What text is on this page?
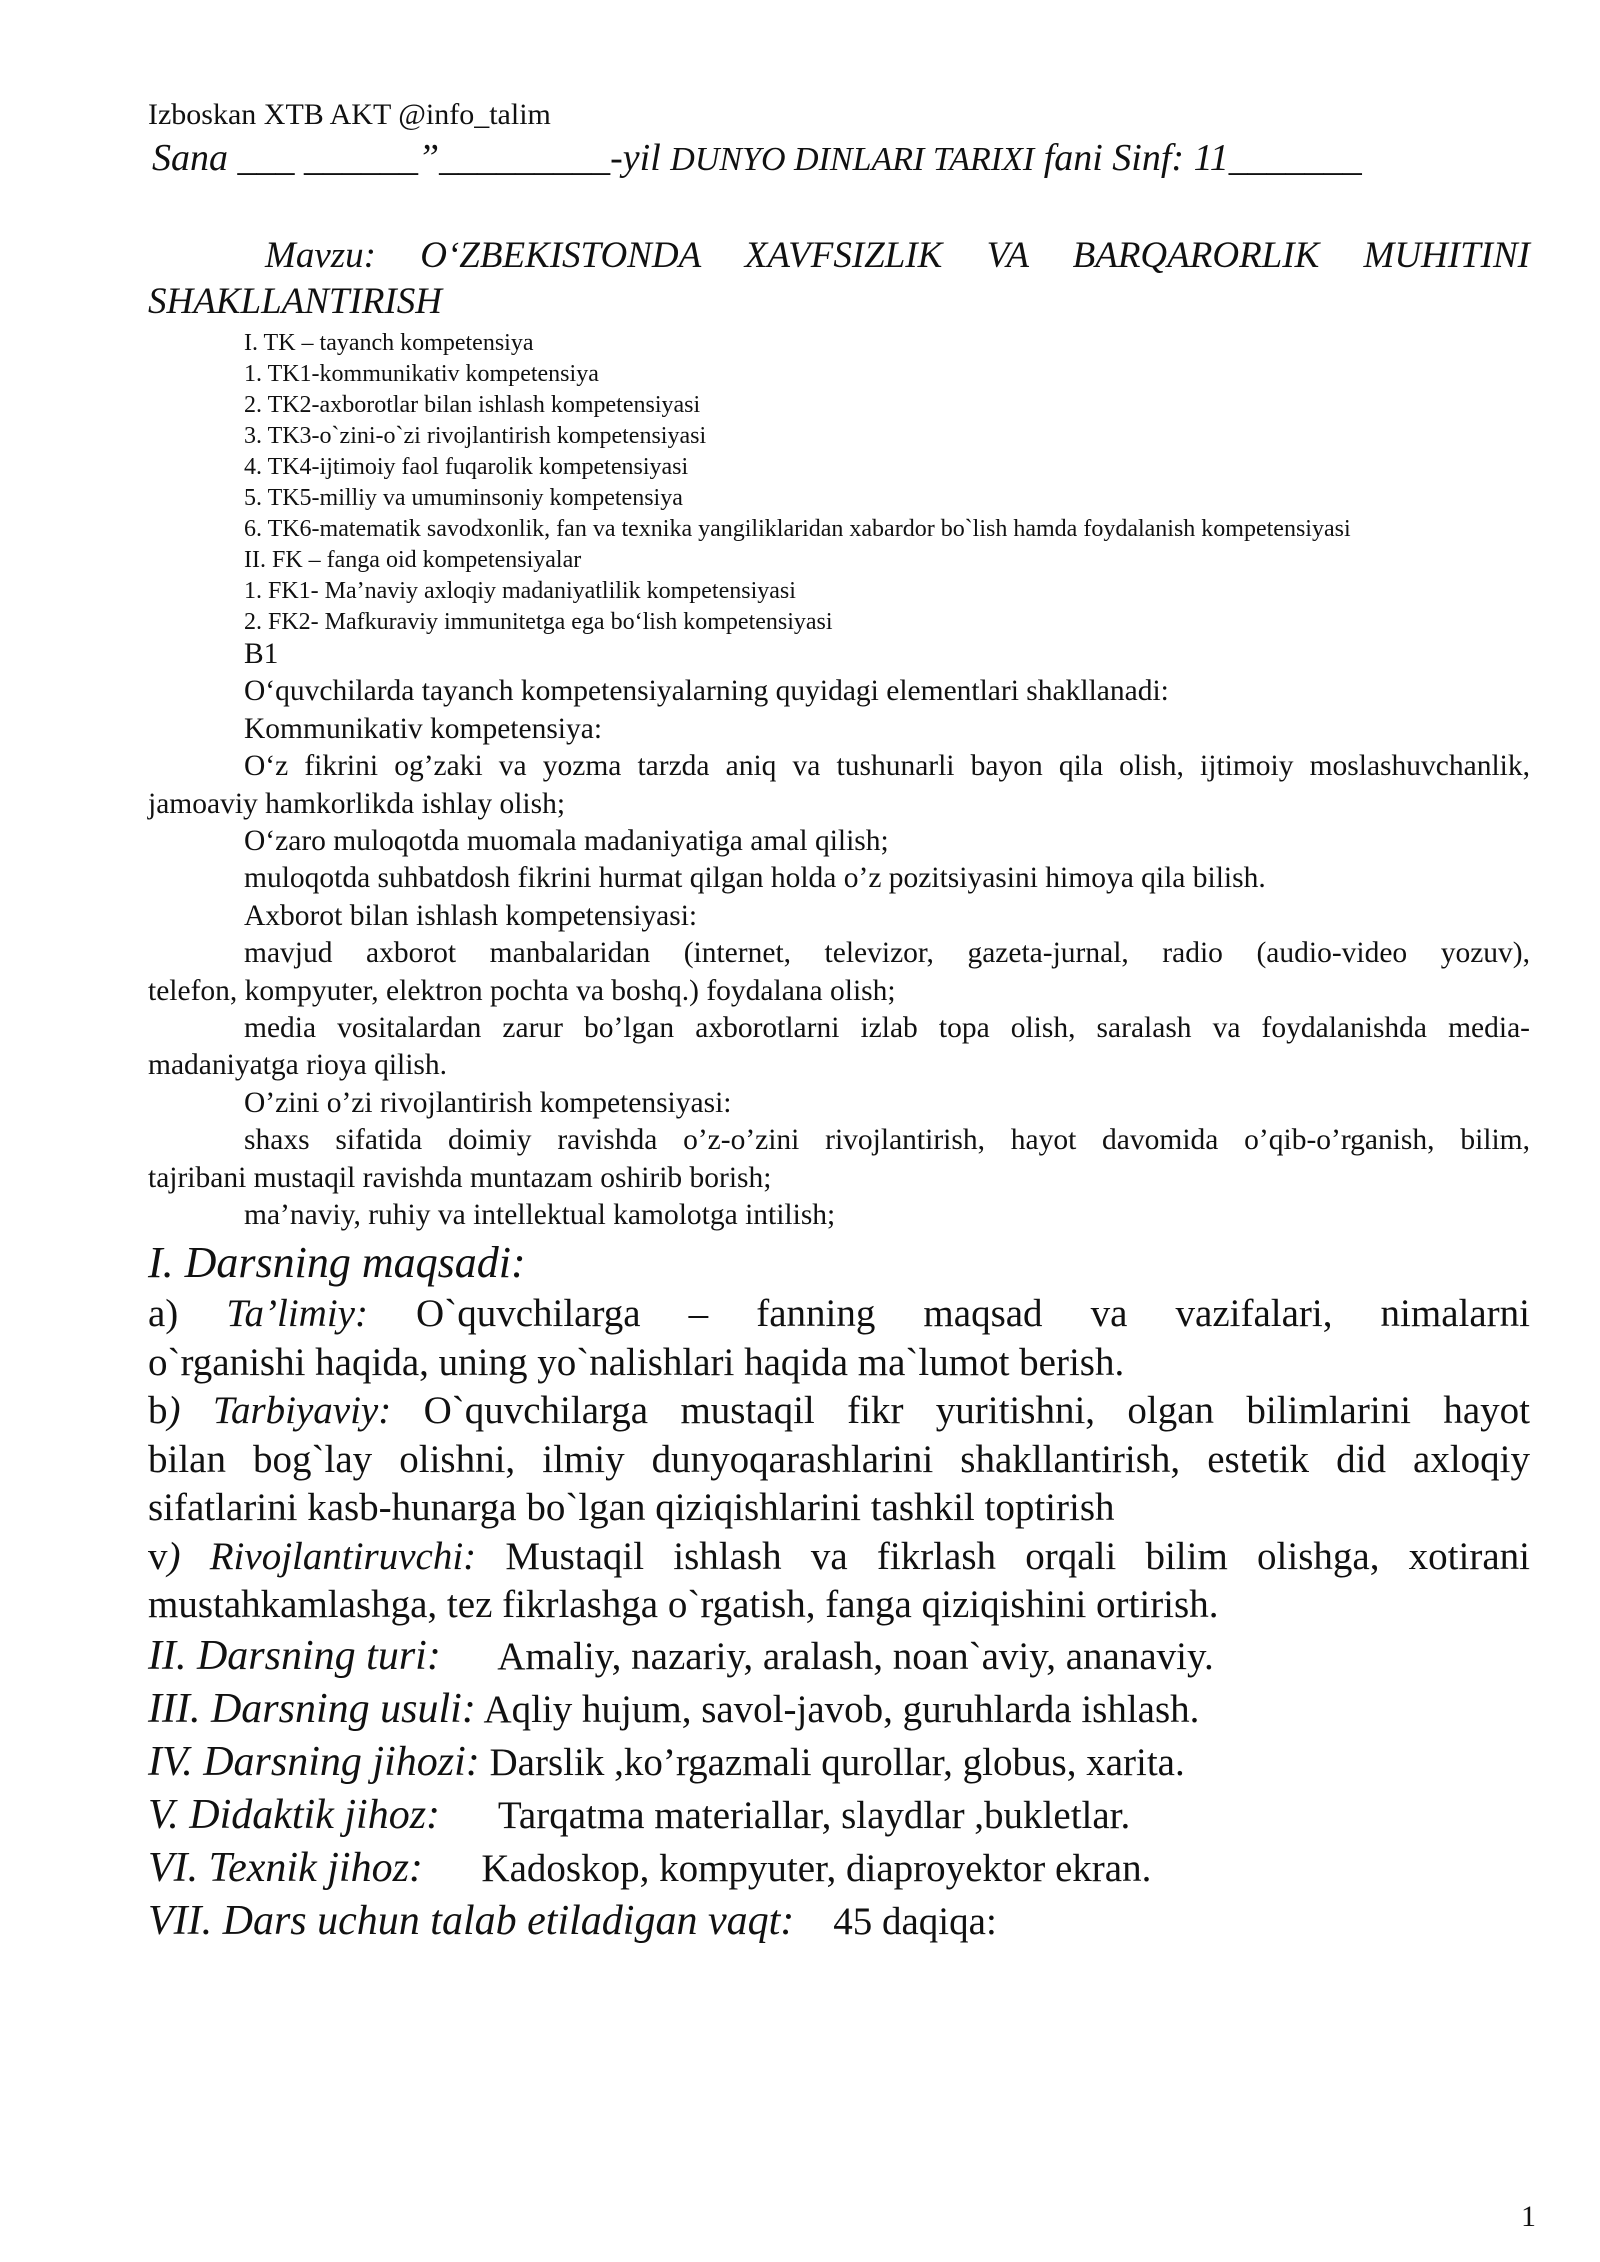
Izboskan XTB AKT @info_talim
Sana ___ ______”_________-yil DUNYO DINLARI TARIXI fani Sinf: 11_______
Mavzu: O‘ZBEKISTONDA XAVFSIZLIK VA BARQARORLIK MUHITINI
SHAKLLANTIRISH
I. TK – tayanch kompetensiya
1. TK1-kommunikativ kompetensiya
2. TK2-axborotlar bilan ishlash kompetensiyasi
3. TK3-o`zini-o`zi rivojlantirish kompetensiyasi
4. TK4-ijtimoiy faol fuqarolik kompetensiyasi
5. TK5-milliy va umuminsoniy kompetensiya
6. TK6-matematik savodxonlik, fan va texnika yangiliklaridan xabardor bo`lish hamda foydalanish kompetensiyasi
II. FK – fanga oid kompetensiyalar
1. FK1- Ma’naviy axloqiy madaniyatlilik kompetensiyasi
2. FK2- Mafkuraviy immunitetga ega bo‘lish kompetensiyasi
B1
O‘quvchilarda tayanch kompetensiyalarning quyidagi elementlari shakllanadi:
Kommunikativ kompetensiya:
O‘z fikrini og’zaki va yozma tarzda aniq va tushunarli bayon qila olish, ijtimoiy moslashuvchanlik,
jamoaviy hamkorlikda ishlay olish;
O‘zaro muloqotda muomala madaniyatiga amal qilish;
muloqotda suhbatdosh fikrini hurmat qilgan holda o’z pozitsiyasini himoya qila bilish.
Axborot bilan ishlash kompetensiyasi:
mavjud axborot manbalaridan (internet, televizor, gazeta-jurnal, radio (audio-video yozuv),
telefon, kompyuter, elektron pochta va boshq.) foydalana olish;
media vositalardan zarur bo’lgan axborotlarni izlab topa olish, saralash va foydalanishda media-
madaniyatga rioya qilish.
O’zini o’zi rivojlantirish kompetensiyasi:
shaxs sifatida doimiy ravishda o’z-o’zini rivojlantirish, hayot davomida o’qib-o’rganish, bilim,
tajribani mustaqil ravishda muntazam oshirib borish;
ma’naviy, ruhiy va intellektual kamolotga intilish;
I. Darsning maqsadi:
a) Ta’limiy: O`quvchilarga – fanning maqsad va vazifalari, nimalarni
o`rganishi haqida, uning yo`nalishlari haqida ma`lumot berish.
b) Tarbiyaviy: O`quvchilarga mustaqil fikr yuritishni, olgan bilimlarini hayot
bilan bog`lay olishni, ilmiy dunyoqarashlarini shakllantirish, estetik did axloqiy
sifatlarini kasb-hunarga bo`lgan qiziqishlarini tashkil toptirish
v) Rivojlantiruvchi: Mustaqil ishlash va fikrlash orqali bilim olishga, xotirani
mustahkamlashga, tez fikrlashga o`rgatish, fanga qiziqishini ortirish.
II. Darsning turi: Amaliy, nazariy, aralash, noan`aviy, ananaviy.
III. Darsning usuli: Aqliy hujum, savol-javob, guruhlarda ishlash.
IV. Darsning jihozi: Darslik ,ko’rgazmali qurollar, globus, xarita.
V. Didaktik jihoz: Tarqatma materiallar, slaydlar ,bukletlar.
VI. Texnik jihoz: Kadoskop, kompyuter, diaproyektor ekran.
VII. Dars uchun talab etiladigan vaqt: 45 daqiqa:
1
